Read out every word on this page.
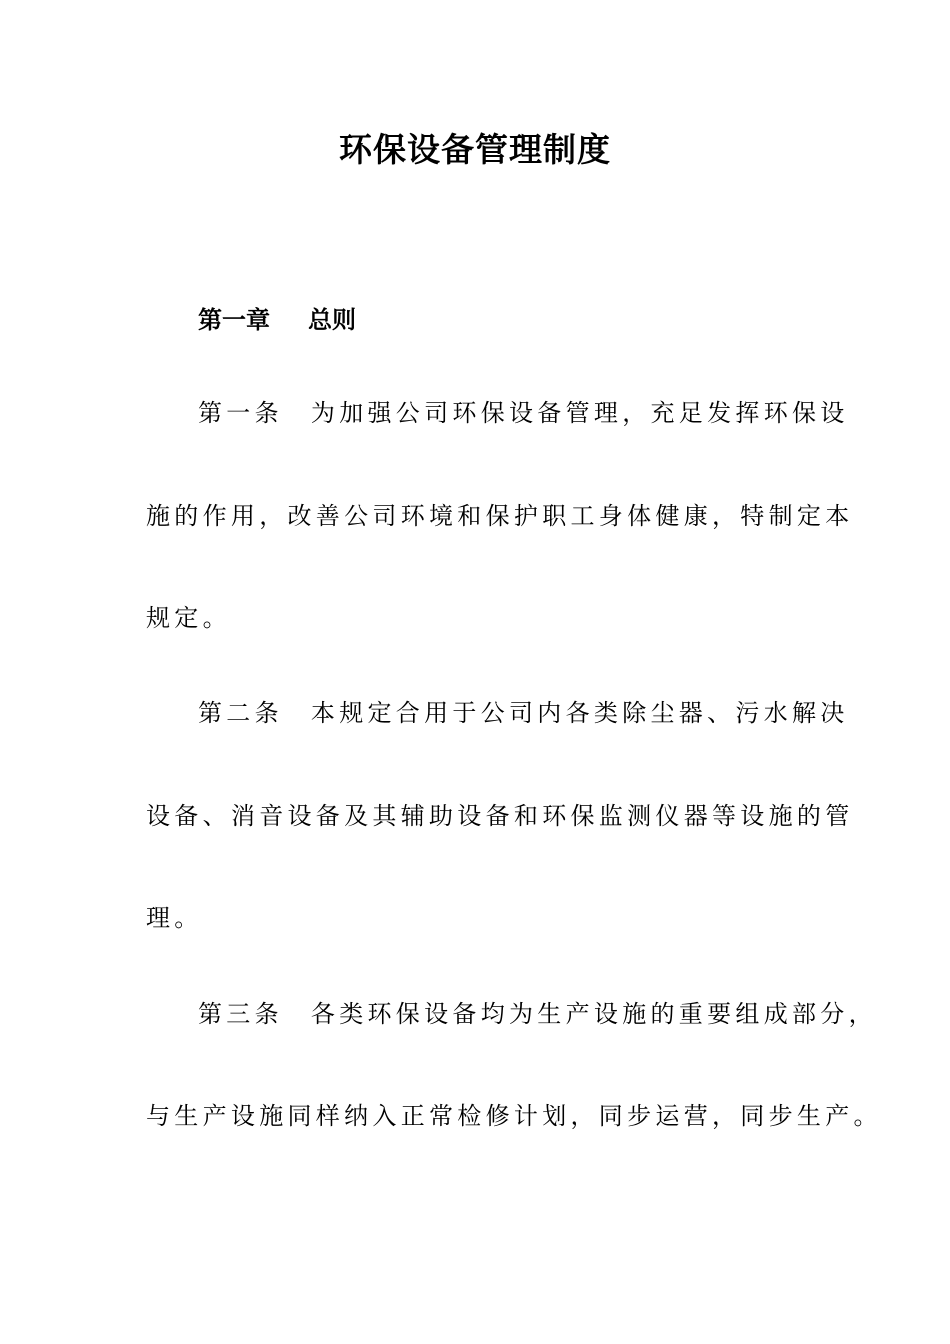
环保设备管理制度
第一章 总则
第一条 为加强公司环保设备管理，充足发挥环保设
施的作用，改善公司环境和保护职工身体健康，特制定本
规定。
第二条 本规定合用于公司内各类除尘器、污水解决
设备、消音设备及其辅助设备和环保监测仪器等设施的管
理。
第三条 各类环保设备均为生产设施的重要组成部分，
与生产设施同样纳入正常检修计划，同步运营，同步生产。
